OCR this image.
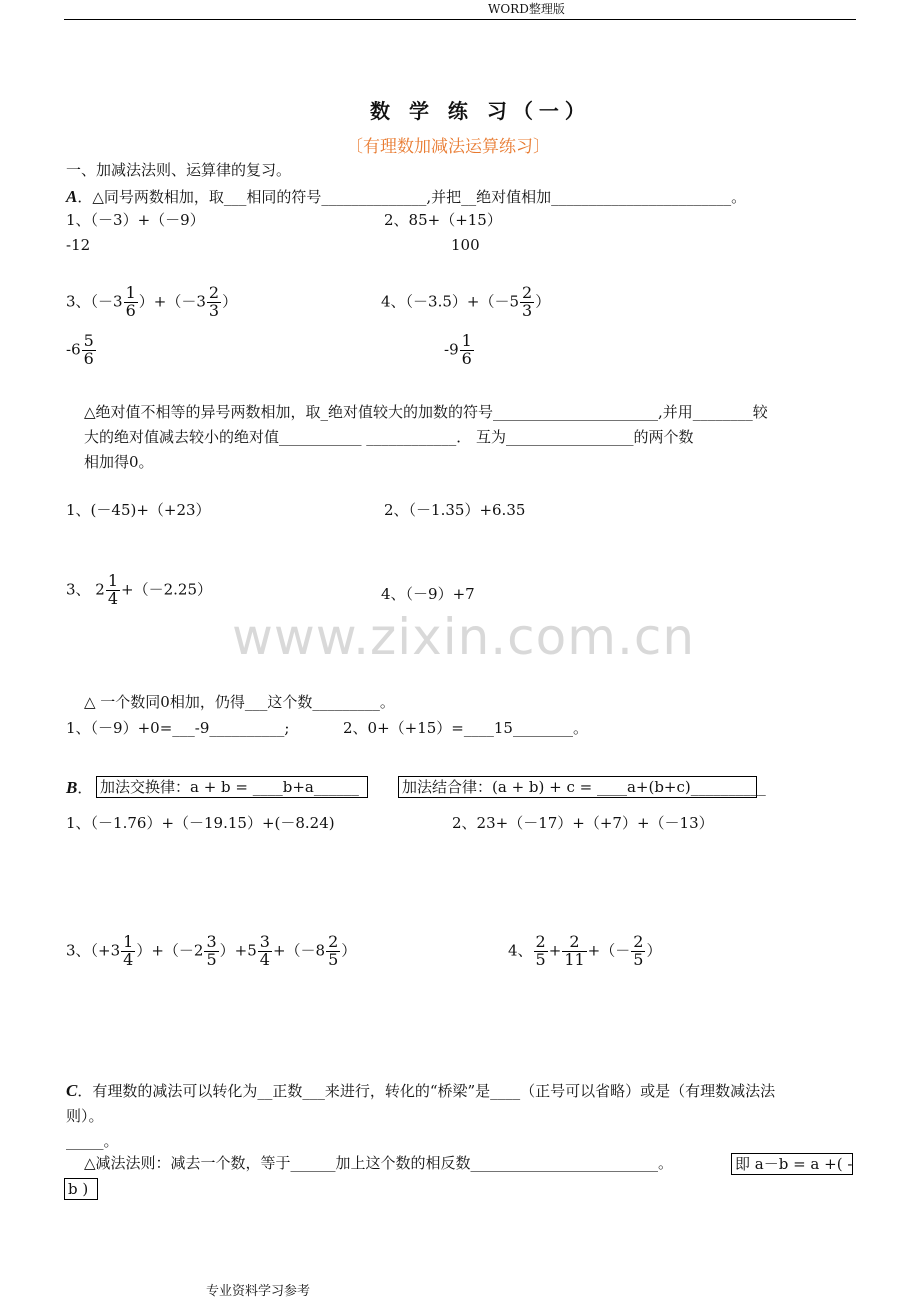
WORD整理版
数 学 练 习（一）
〔有理数加减法运算练习〕
一、加减法法则、运算律的复习。
A．△同号两数相加，取___相同的符号______________,并把__绝对值相加________________________。
1、（－3）+（－9）	2、85+（+15）
-12	100
3、$(-3 \frac{1}{6} )+(-3 \frac{2}{3}$ ）	4、$(-3.5)+(-5 \frac{2}{3}$ ）
$-6 \frac{5}{6}$	$-9 \frac{1}{6}$
△绝对值不相等的异号两数相加，取_绝对值较大的加数的符号______________________,并用________较
大的绝对值减去较小的绝对值___________ ____________． 互为_________________的两个数
相加得0。
1、(－45)+（+23）	2、（－1.35）+6.35
3、 $2 \frac{1}{4} +(-2.25)$	4、（－9）+7
www.zixin.com.cn
△ 一个数同0相加，仍得___这个数_________。
1、（－9）+0=___-9__________;	2、0+（+15）=____15________。
B． 加法交换律：a + b = ____b+a______	加法结合律：(a + b) + c = ____a+(b+c)__________
1、（－1.76）+（－19.15）+(－8.24)	2、23+（－17）+（+7）+（－13）
3、$(+3 \frac{1}{4} )+(-2 \frac{3}{5} )+5 \frac{3}{4} +(-8 \frac{2}{5}$ ）	4、 $\frac{2}{5} + \frac{2}{11}$ +（－ $\frac{2}{5}$ ）
C．有理数的减法可以转化为__正数___来进行，转化的“桥梁”是____（正号可以省略）或是（有理数减法法
则）。
_____。
△减法法则：减去一个数，等于______加上这个数的相反数_________________________。	即 a－b = a +( -
b )
专业资料学习参考
